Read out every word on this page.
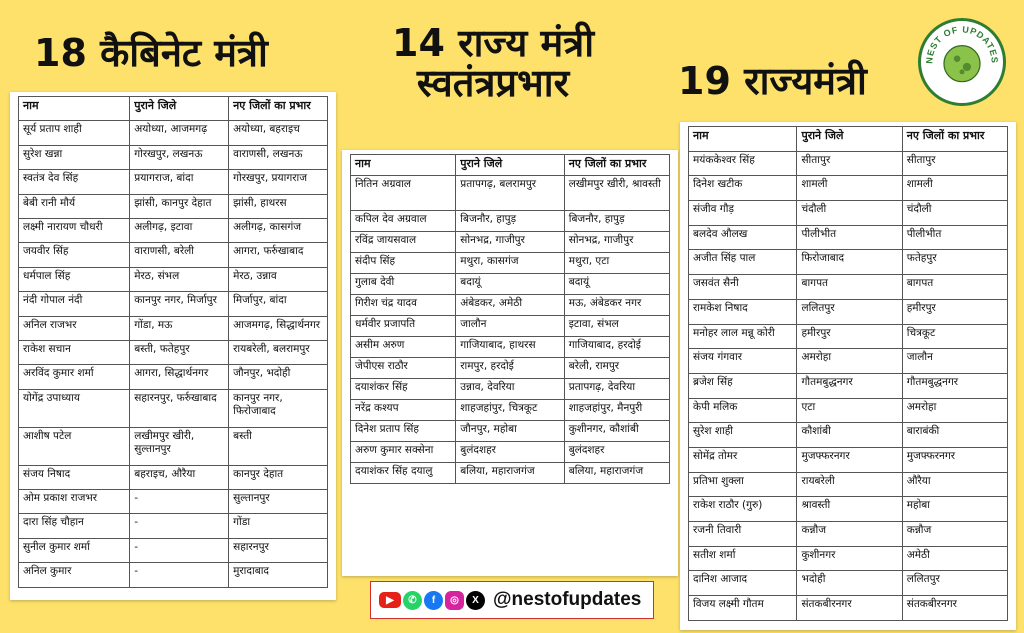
18 कैबिनेट मंत्री	14 राज्य मंत्री
स्वतंत्रप्रभार	19 राज्यमंत्री	NEST OF UPDATES
नाम	पुराने जिले	नए जिलों का प्रभार
सूर्य प्रताप शाही	अयोध्या, आजमगढ़	अयोध्या, बहराइच
सुरेश खन्ना	गोरखपुर, लखनऊ	वाराणसी, लखनऊ
स्वतंत्र देव सिंह	प्रयागराज, बांदा	गोरखपुर, प्रयागराज
बेबी रानी मौर्य	झांसी, कानपुर देहात	झांसी, हाथरस
लक्ष्मी नारायण चौधरी	अलीगढ़, इटावा	अलीगढ़, कासगंज
जयवीर सिंह	वाराणसी, बरेली	आगरा, फर्रुखाबाद
धर्मपाल सिंह	मेरठ, संभल	मेरठ, उन्नाव
नंदी गोपाल नंदी	कानपुर नगर, मिर्जापुर	मिर्जापुर, बांदा
अनिल राजभर	गोंडा, मऊ	आजमगढ़, सिद्धार्थनगर
राकेश सचान	बस्ती, फतेहपुर	रायबरेली, बलरामपुर
अरविंद कुमार शर्मा	आगरा, सिद्धार्थनगर	जौनपुर, भदोही
योगेंद्र उपाध्याय	सहारनपुर, फर्रुखाबाद	कानपुर नगर, फिरोजाबाद
आशीष पटेल	लखीमपुर खीरी, सुल्तानपुर	बस्ती
संजय निषाद	बहराइच, औरैया	कानपुर देहात
ओम प्रकाश राजभर	-	सुल्तानपुर
दारा सिंह चौहान	-	गोंडा
सुनील कुमार शर्मा	-	सहारनपुर
अनिल कुमार	-	मुरादाबाद
नाम	पुराने जिले	नए जिलों का प्रभार
नितिन अग्रवाल	प्रतापगढ़, बलरामपुर	लखीमपुर खीरी, श्रावस्ती
कपिल देव अग्रवाल	बिजनौर, हापुड़	बिजनौर, हापुड़
रविंद्र जायसवाल	सोनभद्र, गाजीपुर	सोनभद्र, गाजीपुर
संदीप सिंह	मथुरा, कासगंज	मथुरा, एटा
गुलाब देवी	बदायूं	बदायूं
गिरीश चंद्र यादव	अंबेडकर, अमेठी	मऊ, अंबेडकर नगर
धर्मवीर प्रजापति	जालौन	इटावा, संभल
असीम अरुण	गाजियाबाद, हाथरस	गाजियाबाद, हरदोई
जेपीएस राठौर	रामपुर, हरदोई	बरेली, रामपुर
दयाशंकर सिंह	उन्नाव, देवरिया	प्रतापगढ़, देवरिया
नरेंद्र कश्यप	शाहजहांपुर, चित्रकूट	शाहजहांपुर, मैनपुरी
दिनेश प्रताप सिंह	जौनपुर, महोबा	कुशीनगर, कौशांबी
अरुण कुमार सक्सेना	बुलंदशहर	बुलंदशहर
दयाशंकर सिंह दयालु	बलिया, महाराजगंज	बलिया, महाराजगंज
नाम	पुराने जिले	नए जिलों का प्रभार
मयंककेश्वर सिंह	सीतापुर	सीतापुर
दिनेश खटीक	शामली	शामली
संजीव गौड़	चंदौली	चंदौली
बलदेव औलख	पीलीभीत	पीलीभीत
अजीत सिंह पाल	फिरोजाबाद	फतेहपुर
जसवंत सैनी	बागपत	बागपत
रामकेश निषाद	ललितपुर	हमीरपुर
मनोहर लाल मन्नू कोरी	हमीरपुर	चित्रकूट
संजय गंगवार	अमरोहा	जालौन
ब्रजेश सिंह	गौतमबुद्धनगर	गौतमबुद्धनगर
केपी मलिक	एटा	अमरोहा
सुरेश शाही	कौशांबी	बाराबंकी
सोमेंद्र तोमर	मुजफ्फरनगर	मुजफ्फरनगर
प्रतिभा शुक्ला	रायबरेली	औरैया
राकेश राठौर (गुरु)	श्रावस्ती	महोबा
रजनी तिवारी	कन्नौज	कन्नौज
सतीश शर्मा	कुशीनगर	अमेठी
दानिश आजाद	भदोही	ललितपुर
विजय लक्ष्मी गौतम	संतकबीरनगर	संतकबीरनगर
▶	✆	f	◎	X @nestofupdates
